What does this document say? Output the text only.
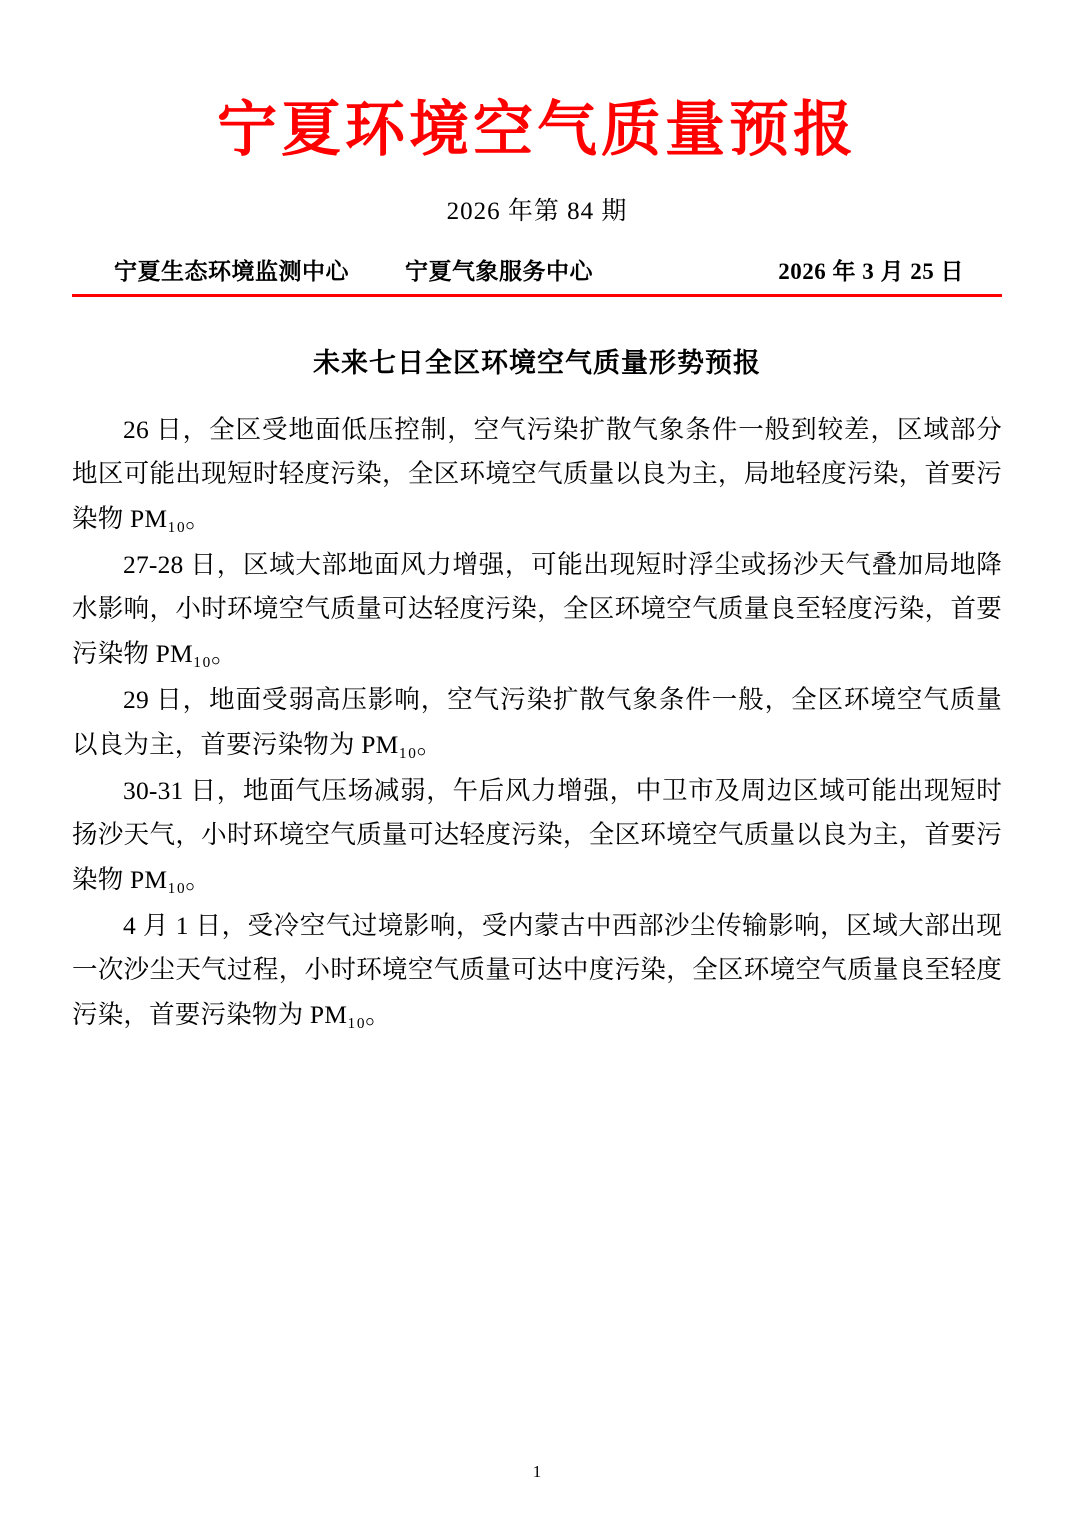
宁夏环境空气质量预报
2026 年第 84 期
宁夏生态环境监测中心 宁夏气象服务中心	2026 年 3 月 25 日
未来七日全区环境空气质量形势预报

26 日，全区受地面低压控制，空气污染扩散气象条件一般到较差，区域部分地区可能出现短时轻度污染，全区环境空气质量以良为主，局地轻度污染，首要污染物 PM₁₀。

27-28 日，区域大部地面风力增强，可能出现短时浮尘或扬沙天气叠加局地降水影响，小时环境空气质量可达轻度污染，全区环境空气质量良至轻度污染，首要污染物 PM₁₀。

29 日，地面受弱高压影响，空气污染扩散气象条件一般，全区环境空气质量以良为主，首要污染物为 PM₁₀。

30-31 日，地面气压场减弱，午后风力增强，中卫市及周边区域可能出现短时扬沙天气，小时环境空气质量可达轻度污染，全区环境空气质量以良为主，首要污染物 PM₁₀。

4 月 1 日，受冷空气过境影响，受内蒙古中西部沙尘传输影响，区域大部出现一次沙尘天气过程，小时环境空气质量可达中度污染，全区环境空气质量良至轻度污染，首要污染物为 PM₁₀。

1
